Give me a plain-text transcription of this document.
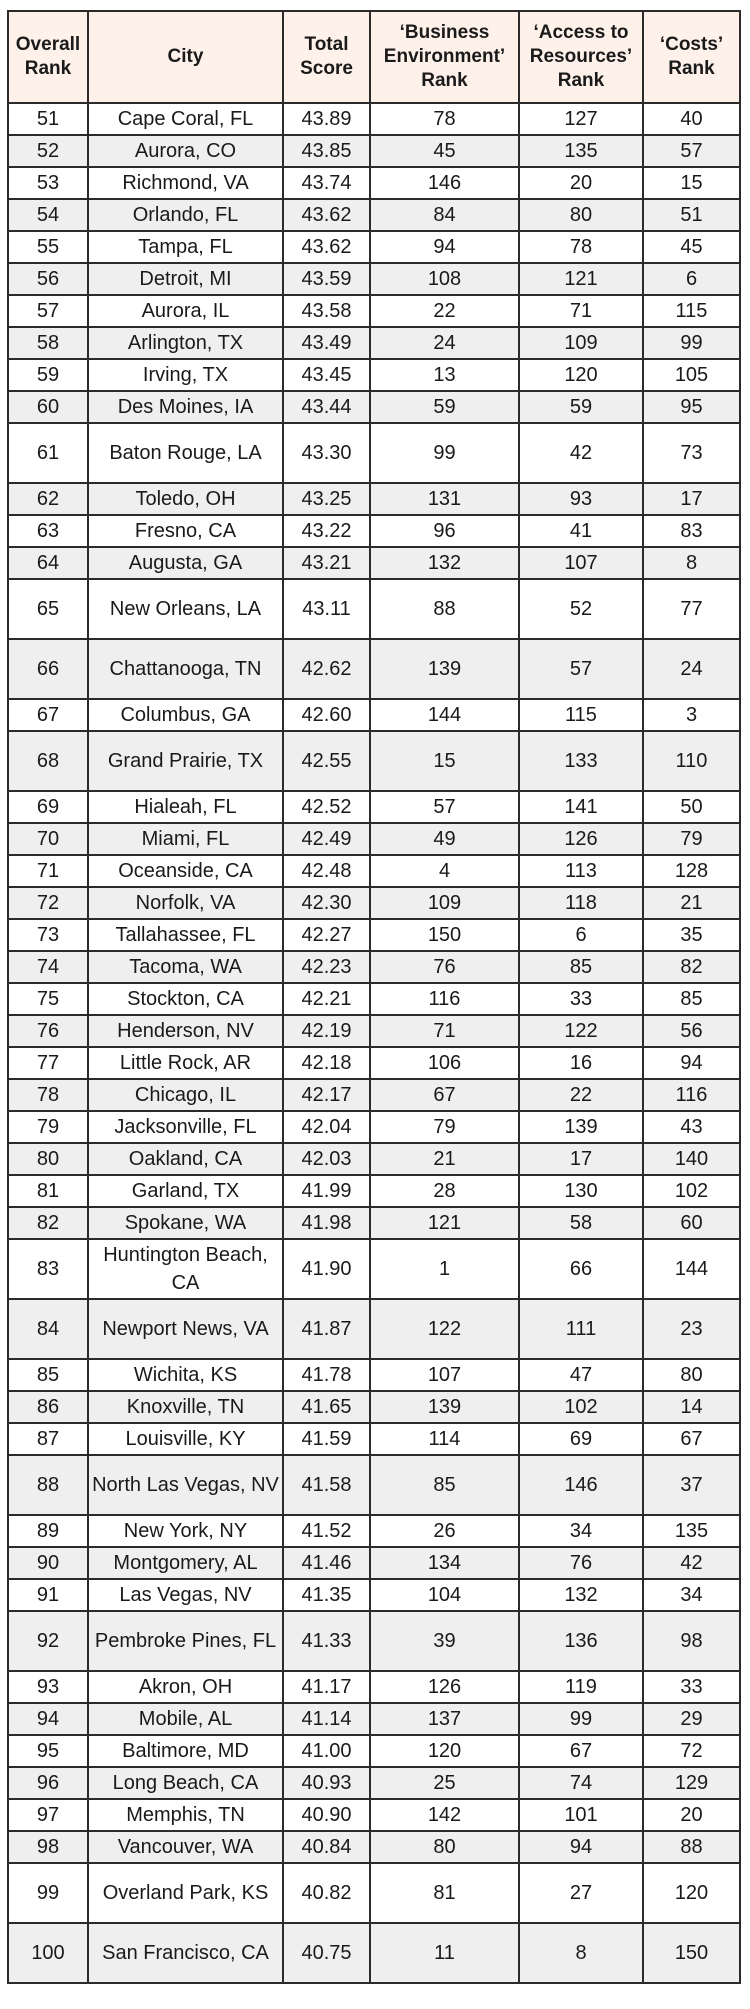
Overall Rank	City	Total Score	‘Business Environment’ Rank	‘Access to Resources’ Rank	‘Costs’ Rank
51	Cape Coral, FL	43.89	78	127	40
52	Aurora, CO	43.85	45	135	57
53	Richmond, VA	43.74	146	20	15
54	Orlando, FL	43.62	84	80	51
55	Tampa, FL	43.62	94	78	45
56	Detroit, MI	43.59	108	121	6
57	Aurora, IL	43.58	22	71	115
58	Arlington, TX	43.49	24	109	99
59	Irving, TX	43.45	13	120	105
60	Des Moines, IA	43.44	59	59	95
61	Baton Rouge, LA	43.30	99	42	73
62	Toledo, OH	43.25	131	93	17
63	Fresno, CA	43.22	96	41	83
64	Augusta, GA	43.21	132	107	8
65	New Orleans, LA	43.11	88	52	77
66	Chattanooga, TN	42.62	139	57	24
67	Columbus, GA	42.60	144	115	3
68	Grand Prairie, TX	42.55	15	133	110
69	Hialeah, FL	42.52	57	141	50
70	Miami, FL	42.49	49	126	79
71	Oceanside, CA	42.48	4	113	128
72	Norfolk, VA	42.30	109	118	21
73	Tallahassee, FL	42.27	150	6	35
74	Tacoma, WA	42.23	76	85	82
75	Stockton, CA	42.21	116	33	85
76	Henderson, NV	42.19	71	122	56
77	Little Rock, AR	42.18	106	16	94
78	Chicago, IL	42.17	67	22	116
79	Jacksonville, FL	42.04	79	139	43
80	Oakland, CA	42.03	21	17	140
81	Garland, TX	41.99	28	130	102
82	Spokane, WA	41.98	121	58	60
83	Huntington Beach, CA	41.90	1	66	144
84	Newport News, VA	41.87	122	111	23
85	Wichita, KS	41.78	107	47	80
86	Knoxville, TN	41.65	139	102	14
87	Louisville, KY	41.59	114	69	67
88	North Las Vegas, NV	41.58	85	146	37
89	New York, NY	41.52	26	34	135
90	Montgomery, AL	41.46	134	76	42
91	Las Vegas, NV	41.35	104	132	34
92	Pembroke Pines, FL	41.33	39	136	98
93	Akron, OH	41.17	126	119	33
94	Mobile, AL	41.14	137	99	29
95	Baltimore, MD	41.00	120	67	72
96	Long Beach, CA	40.93	25	74	129
97	Memphis, TN	40.90	142	101	20
98	Vancouver, WA	40.84	80	94	88
99	Overland Park, KS	40.82	81	27	120
100	San Francisco, CA	40.75	11	8	150
